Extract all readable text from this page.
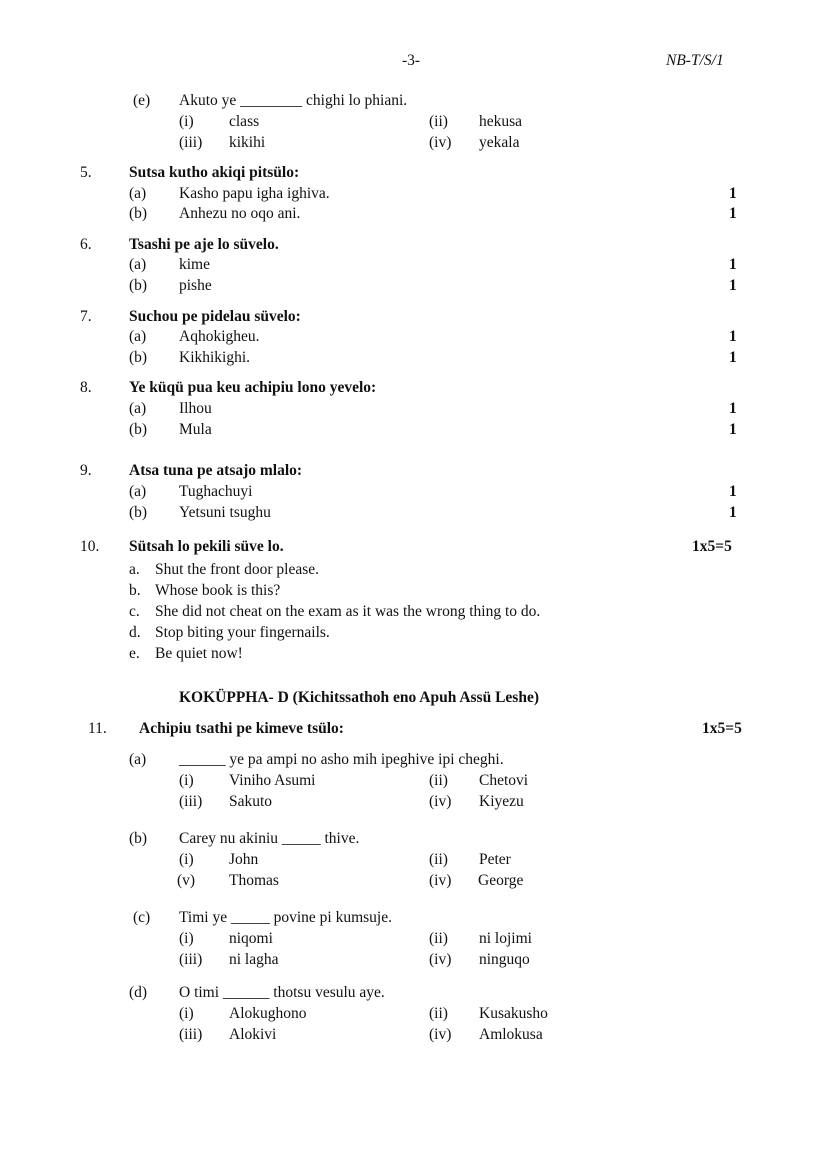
-3-	NB-T/S/1
(e) Akuto ye ________ chighi lo phiani.
(i) class	(ii) hekusa
(iii) kikihi	(iv) yekala
5. Sutsa kutho akiqi pitsülo:
(a) Kasho papu igha ighiva.	1
(b) Anhezu no oqo ani.	1
6. Tsashi pe aje lo süvelo.
(a) kime	1
(b) pishe	1
7. Suchou pe pidelau süvelo:
(a) Aqhokigheu.	1
(b) Kikhikighi.	1
8. Ye küqü pua keu achipiu lono yevelo:
(a) Ilhou	1
(b) Mula	1
9. Atsa tuna pe atsajo mlalo:
(a) Tughachuyi	1
(b) Yetsuni tsughu	1
10. Sütsah lo pekili süve lo.	1x5=5
a. Shut the front door please.
b. Whose book is this?
c. She did not cheat on the exam as it was the wrong thing to do.
d. Stop biting your fingernails.
e. Be quiet now!
KOKÜPPHA- D (Kichitssathoh eno Apuh Assü Leshe)
11. Achipiu tsathi pe kimeve tsülo:	1x5=5
(a) ______ ye pa ampi no asho mih ipeghive ipi cheghi.
(i) Viniho Asumi	(ii) Chetovi
(iii) Sakuto	(iv) Kiyezu
(b) Carey nu akiniu _____ thive.
(i) John	(ii) Peter
(v) Thomas	(iv) George
(c) Timi ye _____ povine pi kumsuje.
(i) niqomi	(ii) ni lojimi
(iii) ni lagha	(iv) ninguqo
(d) O timi ______ thotsu vesulu aye.
(i) Alokughono	(ii) Kusakusho
(iii) Alokivi	(iv) Amlokusa
